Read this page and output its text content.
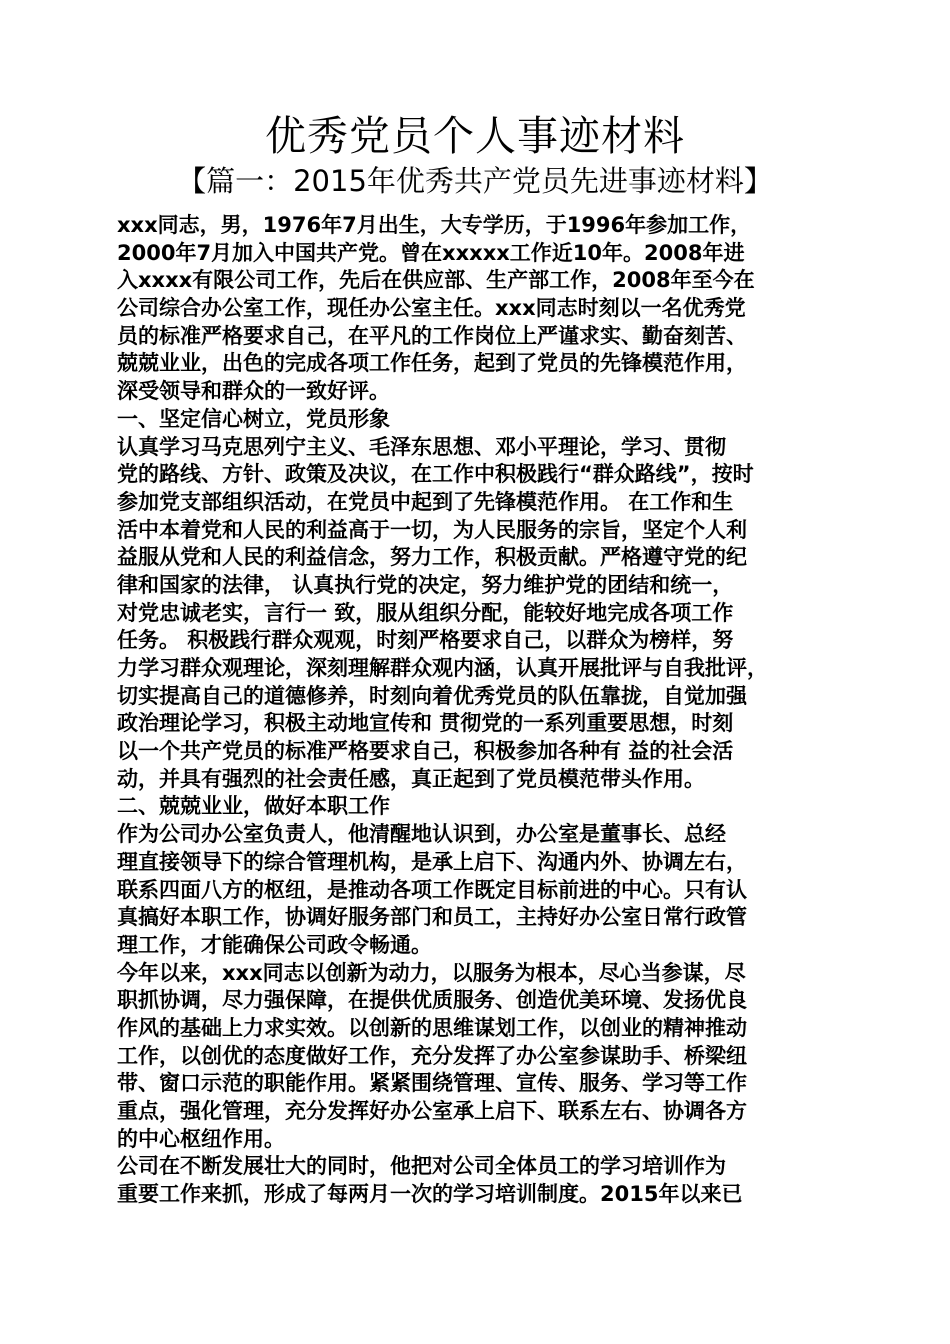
优秀党员个人事迹材料
【篇一：2015年优秀共产党员先进事迹材料】
xxx同志，男，1976年7月出生，大专学历，于1996年参加工作，
2000年7月加入中国共产党。曾在xxxxx工作近10年。2008年进
入xxxx有限公司工作，先后在供应部、生产部工作，2008年至今在
公司综合办公室工作，现任办公室主任。xxx同志时刻以一名优秀党
员的标准严格要求自己，在平凡的工作岗位上严谨求实、勤奋刻苦、
兢兢业业，出色的完成各项工作任务，起到了党员的先锋模范作用，
深受领导和群众的一致好评。
一、坚定信心树立，党员形象
认真学习马克思列宁主义、毛泽东思想、邓小平理论，学习、贯彻
党的路线、方针、政策及决议，在工作中积极践行“群众路线”，按时
参加党支部组织活动，在党员中起到了先锋模范作用。 在工作和生
活中本着党和人民的利益高于一切，为人民服务的宗旨，坚定个人利
益服从党和人民的利益信念，努力工作，积极贡献。严格遵守党的纪
律和国家的法律， 认真执行党的决定，努力维护党的团结和统一，
对党忠诚老实，言行一 致，服从组织分配，能较好地完成各项工作
任务。 积极践行群众观观，时刻严格要求自己，以群众为榜样，努
力学习群众观理论，深刻理解群众观内涵，认真开展批评与自我批评，
切实提高自己的道德修养，时刻向着优秀党员的队伍靠拢，自觉加强
政治理论学习，积极主动地宣传和 贯彻党的一系列重要思想，时刻
以一个共产党员的标准严格要求自己，积极参加各种有 益的社会活
动，并具有强烈的社会责任感，真正起到了党员模范带头作用。
二、兢兢业业，做好本职工作
作为公司办公室负责人，他清醒地认识到，办公室是董事长、总经
理直接领导下的综合管理机构，是承上启下、沟通内外、协调左右，
联系四面八方的枢纽，是推动各项工作既定目标前进的中心。只有认
真搞好本职工作，协调好服务部门和员工，主持好办公室日常行政管
理工作，才能确保公司政令畅通。
今年以来，xxx同志以创新为动力，以服务为根本，尽心当参谋，尽
职抓协调，尽力强保障，在提供优质服务、创造优美环境、发扬优良
作风的基础上力求实效。以创新的思维谋划工作，以创业的精神推动
工作，以创优的态度做好工作，充分发挥了办公室参谋助手、桥梁纽
带、窗口示范的职能作用。紧紧围绕管理、宣传、服务、学习等工作
重点，强化管理，充分发挥好办公室承上启下、联系左右、协调各方
的中心枢纽作用。
公司在不断发展壮大的同时，他把对公司全体员工的学习培训作为
重要工作来抓，形成了每两月一次的学习培训制度。2015年以来已
